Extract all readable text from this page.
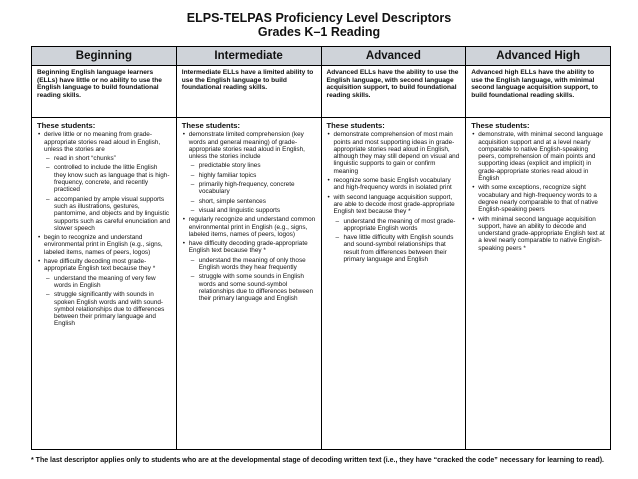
ELPS-TELPAS Proficiency Level Descriptors
Grades K–1 Reading
Beginning
Beginning English language learners (ELLs) have little or no ability to use the English language to build foundational reading skills.
These students:
• derive little or no meaning from grade-appropriate stories read aloud in English, unless the stories are
– read in short “chunks”
– controlled to include the little English they know such as language that is high-frequency, concrete, and recently practiced
– accompanied by ample visual supports such as illustrations, gestures, pantomime, and objects and by linguistic supports such as careful enunciation and slower speech
• begin to recognize and understand environmental print in English (e.g., signs, labeled items, names of peers, logos)
• have difficulty decoding most grade-appropriate English text because they *
– understand the meaning of very few words in English
– struggle significantly with sounds in spoken English words and with sound-symbol relationships due to differences between their primary language and English
Intermediate
Intermediate ELLs have a limited ability to use the English language to build foundational reading skills.
These students:
• demonstrate limited comprehension (key words and general meaning) of grade-appropriate stories read aloud in English, unless the stories include
– predictable story lines
– highly familiar topics
– primarily high-frequency, concrete vocabulary
– short, simple sentences
– visual and linguistic supports
• regularly recognize and understand common environmental print in English (e.g., signs, labeled items, names of peers, logos)
• have difficulty decoding grade-appropriate English text because they *
– understand the meaning of only those English words they hear frequently
– struggle with some sounds in English words and some sound-symbol relationships due to differences between their primary language and English
Advanced
Advanced ELLs have the ability to use the English language, with second language acquisition support, to build foundational reading skills.
These students:
• demonstrate comprehension of most main points and most supporting ideas in grade-appropriate stories read aloud in English, although they may still depend on visual and linguistic supports to gain or confirm meaning
• recognize some basic English vocabulary and high-frequency words in isolated print
• with second language acquisition support, are able to decode most grade-appropriate English text because they *
– understand the meaning of most grade-appropriate English words
– have little difficulty with English sounds and sound-symbol relationships that result from differences between their primary language and English
Advanced High
Advanced high ELLs have the ability to use the English language, with minimal second language acquisition support, to build foundational reading skills.
These students:
• demonstrate, with minimal second language acquisition support and at a level nearly comparable to native English-speaking peers, comprehension of main points and supporting ideas (explicit and implicit) in grade-appropriate stories read aloud in English
• with some exceptions, recognize sight vocabulary and high-frequency words to a degree nearly comparable to that of native English-speaking peers
• with minimal second language acquisition support, have an ability to decode and understand grade-appropriate English text at a level nearly comparable to native English-speaking peers *
* The last descriptor applies only to students who are at the developmental stage of decoding written text (i.e., they have “cracked the code” necessary for learning to read).
